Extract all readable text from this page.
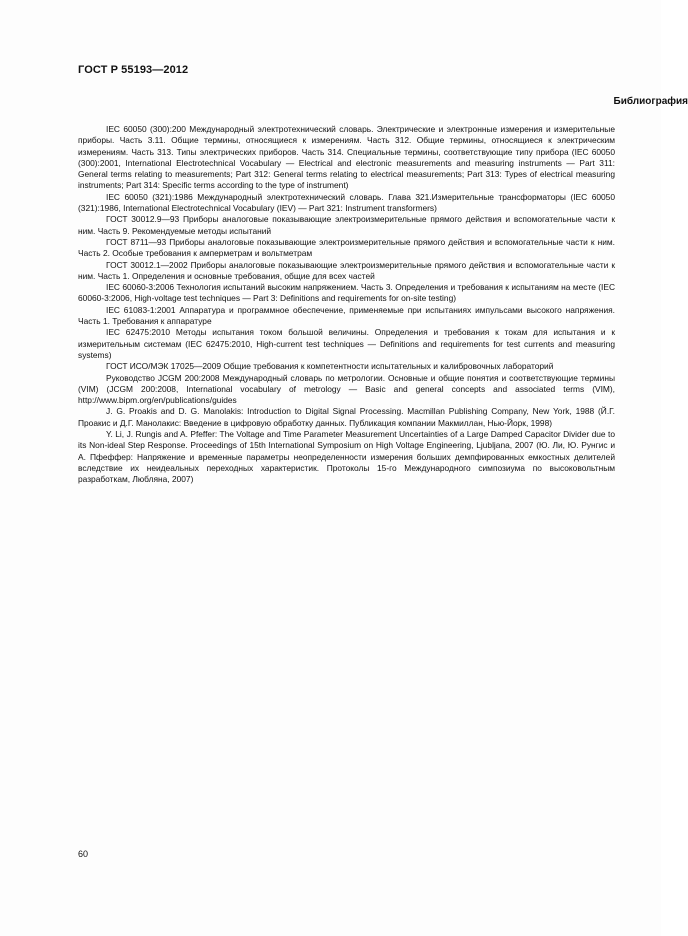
ГОСТ Р 55193—2012
Библиография

IEC 60050 (300):200 Международный электротехнический словарь. Электрические и электронные измерения и измерительные приборы. Часть 3.11. Общие термины, относящиеся к измерениям. Часть 312. Общие термины, относящиеся к электрическим измерениям. Часть 313. Типы электрических приборов. Часть 314. Специальные термины, соответствующие типу прибора (IEC 60050 (300):2001, International Electrotechnical Vocabulary — Electrical and electronic measurements and measuring instruments — Part 311: General terms relating to measurements; Part 312: General terms relating to electrical measurements; Part 313: Types of electrical measuring instruments; Part 314: Specific terms according to the type of instrument)

IEC 60050 (321):1986 Международный электротехнический словарь. Глава 321.Измерительные трансформаторы (IEC 60050 (321):1986, International Electrotechnical Vocabulary (IEV) — Part 321: Instrument transformers)

ГОСТ 30012.9—93 Приборы аналоговые показывающие электроизмерительные прямого действия и вспомогательные части к ним. Часть 9. Рекомендуемые методы испытаний

ГОСТ 8711—93 Приборы аналоговые показывающие электроизмерительные прямого действия и вспомогательные части к ним. Часть 2. Особые требования к амперметрам и вольтметрам

ГОСТ 30012.1—2002 Приборы аналоговые показывающие электроизмерительные прямого действия и вспомогательные части к ним. Часть 1. Определения и основные требования, общие для всех частей

IEC 60060-3:2006 Технология испытаний высоким напряжением. Часть 3. Определения и требования к испытаниям на месте (IEC 60060-3:2006, High-voltage test techniques — Part 3: Definitions and requirements for on-site testing)

IEC 61083-1:2001 Аппаратура и программное обеспечение, применяемые при испытаниях импульсами высокого напряжения. Часть 1. Требования к аппаратуре

IEC 62475:2010 Методы испытания током большой величины. Определения и требования к токам для испытания и к измерительным системам (IEC 62475:2010, High-current test techniques — Definitions and requirements for test currents and measuring systems)

ГОСТ ИСО/МЭК 17025—2009 Общие требования к компетентности испытательных и калибровочных лабораторий

Руководство JCGM 200:2008 Международный словарь по метрологии. Основные и общие понятия и соответствующие термины (VIM) (JCGM 200:2008, International vocabulary of metrology — Basic and general concepts and associated terms (VIM), http://www.bipm.org/en/publications/guides

J. G. Proakis and D. G. Manolakis: Introduction to Digital Signal Processing. Macmillan Publishing Company, New York, 1988 (Й.Г. Проакис и Д.Г. Манолакис: Введение в цифровую обработку данных. Публикация компании Макмиллан, Нью-Йорк, 1998)

Y. Li, J. Rungis and A. Pfeffer: The Voltage and Time Parameter Measurement Uncertainties of a Large Damped Capacitor Divider due to its Non-ideal Step Response. Proceedings of 15th International Symposium on High Voltage Engineering, Ljubljana, 2007 (Ю. Ли, Ю. Рунгис и А. Пфеффер: Напряжение и временные параметры неопределенности измерения больших демпфированных емкостных делителей вследствие их неидеальных переходных характеристик. Протоколы 15-го Международного симпозиума по высоковольтным разработкам, Любляна, 2007)

60
